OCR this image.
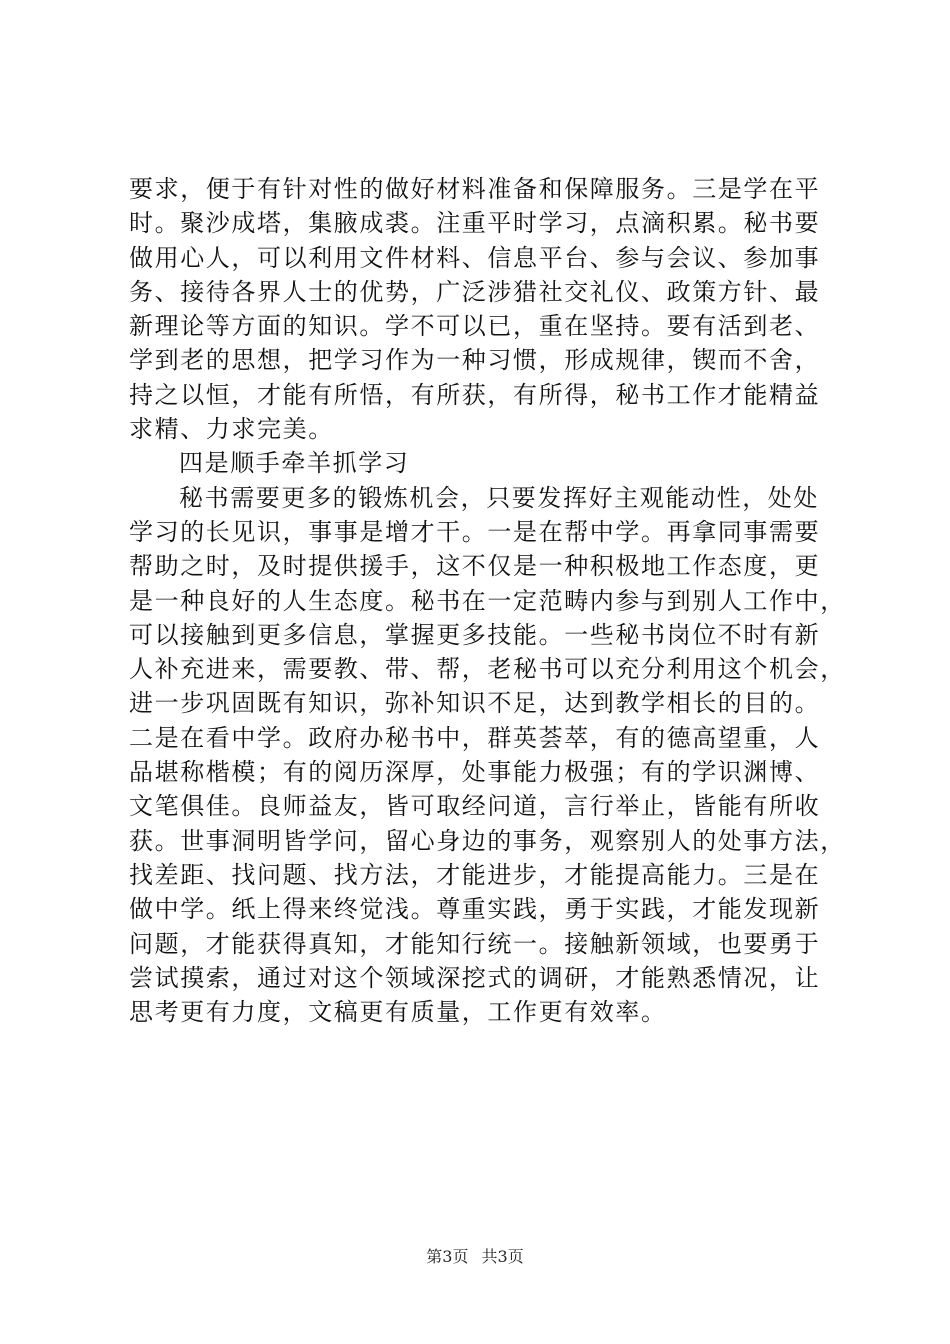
要求，便于有针对性的做好材料准备和保障服务。三是学在平
时。聚沙成塔，集腋成裘。注重平时学习，点滴积累。秘书要
做用心人，可以利用文件材料、信息平台、参与会议、参加事
务、接待各界人士的优势，广泛涉猎社交礼仪、政策方针、最
新理论等方面的知识。学不可以已，重在坚持。要有活到老、
学到老的思想，把学习作为一种习惯，形成规律，锲而不舍，
持之以恒，才能有所悟，有所获，有所得，秘书工作才能精益
求精、力求完美。
四是顺手牵羊抓学习
秘书需要更多的锻炼机会，只要发挥好主观能动性，处处
学习的长见识，事事是增才干。一是在帮中学。再拿同事需要
帮助之时，及时提供援手，这不仅是一种积极地工作态度，更
是一种良好的人生态度。秘书在一定范畴内参与到别人工作中，
可以接触到更多信息，掌握更多技能。一些秘书岗位不时有新
人补充进来，需要教、带、帮，老秘书可以充分利用这个机会，
进一步巩固既有知识，弥补知识不足，达到教学相长的目的。
二是在看中学。政府办秘书中，群英荟萃，有的德高望重，人
品堪称楷模；有的阅历深厚，处事能力极强；有的学识渊博、
文笔俱佳。良师益友，皆可取经问道，言行举止，皆能有所收
获。世事洞明皆学问，留心身边的事务，观察别人的处事方法，
找差距、找问题、找方法，才能进步，才能提高能力。三是在
做中学。纸上得来终觉浅。尊重实践，勇于实践，才能发现新
问题，才能获得真知，才能知行统一。接触新领域，也要勇于
尝试摸索，通过对这个领域深挖式的调研，才能熟悉情况，让
思考更有力度，文稿更有质量，工作更有效率。
第3页 共3页
